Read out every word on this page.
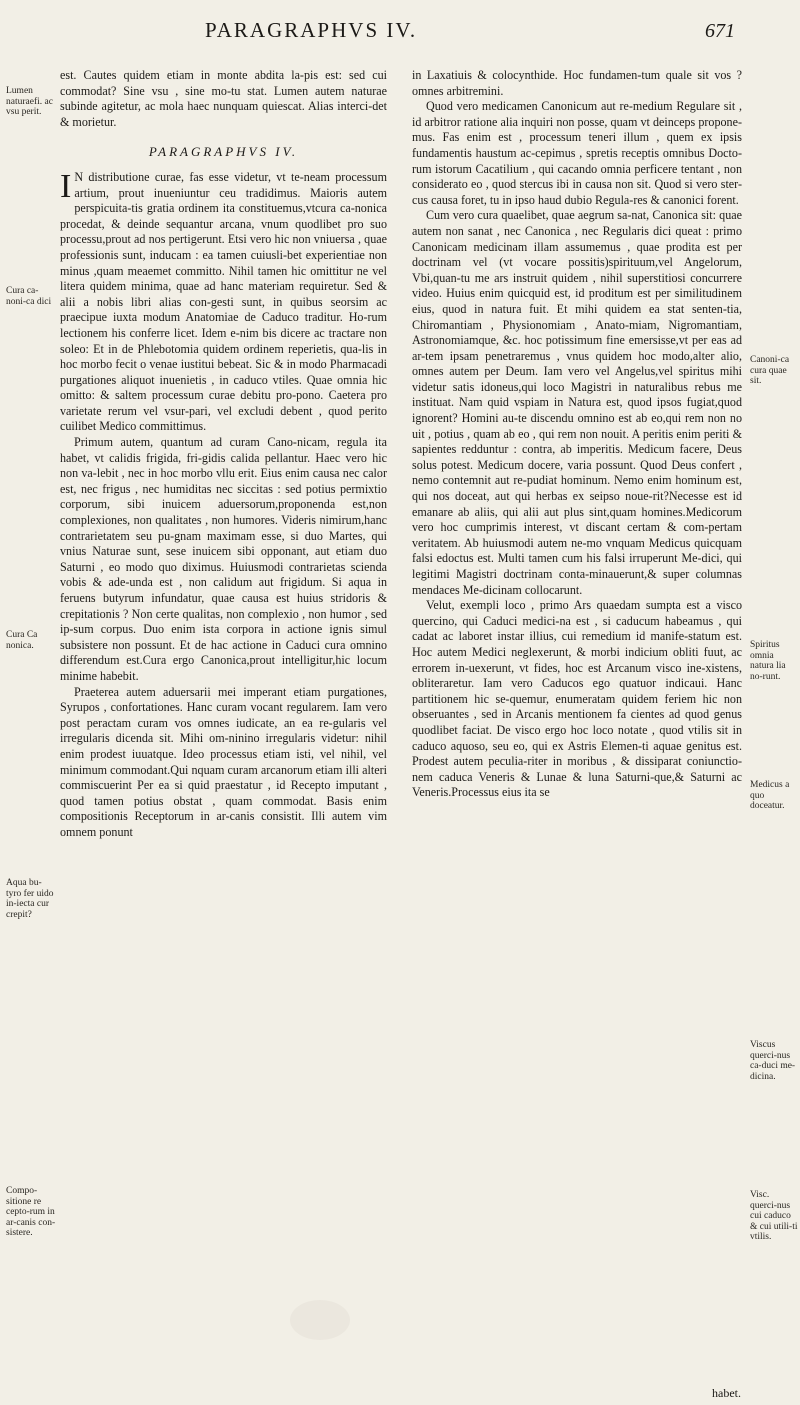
PARAGRAPHVS IV.	671
Lumen naturaefi. ac vsu perit.
Cura ca-noni-ca dici
Cura Ca nonica.
Aqua bu-tyro fer uido in-iecta cur crepit?
Compo-sitione re cepto-rum in ar-canis con-sistere.
Canoni-ca cura quae sit.
Spiritus omnia natura lia no-runt.
Medicus a quo doceatur.
Viscus querci-nus ca-duci me-dicina.
Visc. querci-nus cui caduco & cui utili-ti vtilis.

est. Cautes quidem etiam in monte abdita la-pis est: sed cui commodat? Sine vsu , sine mo-tu stat. Lumen autem naturae subinde agitetur, ac mola haec nunquam quiescat. Alias interci-det & morietur.

PARAGRAPHVS IV.

I N distributione curae, fas esse videtur, vt te-neam processum artium, prout inueniuntur ceu tradidimus. Maioris autem perspicuita-tis gratia ordinem ita constituemus,vtcura ca-nonica procedat, & deinde sequantur arcana, vnum quodlibet pro suo processu,prout ad nos pertigerunt. Etsi vero hic non vniuersa , quae professionis sunt, inducam : ea tamen cuiusli-bet experientiae non minus ,quam meaemet committo. Nihil tamen hic omittitur ne vel litera quidem minima, quae ad hanc materiam requiretur. Sed & alii a nobis libri alias con-gesti sunt, in quibus seorsim ac praecipue iuxta modum Anatomiae de Caduco traditur. Ho-rum lectionem his conferre licet. Idem e-nim bis dicere ac tractare non soleo: Et in de Phlebotomia quidem ordinem reperietis, qua-lis in hoc morbo fecit o venae iustitui bebeat. Sic & in modo Pharmacadi purgationes aliquot inuenietis , in caduco vtiles. Quae omnia hic omitto: & saltem processum curae debitu pro-pono. Caetera pro varietate rerum vel vsur-pari, vel excludi debent , quod perito cuilibet Medico committimus.

Primum autem, quantum ad curam Cano-nicam, regula ita habet, vt calidis frigida, fri-gidis calida pellantur. Haec vero hic non va-lebit , nec in hoc morbo vllu erit. Eius enim causa nec calor est, nec frigus , nec humiditas nec siccitas : sed potius permixtio corporum, sibi inuicem aduersorum,proponenda est,non complexiones, non qualitates , non humores. Videris nimirum,hanc contrarietatem seu pu-gnam maximam esse, si duo Martes, qui vnius Naturae sunt, sese inuicem sibi opponant, aut etiam duo Saturni , eo modo quo diximus. Huiusmodi contrarietas scienda vobis & ade-unda est , non calidum aut frigidum. Si aqua in feruens butyrum infundatur, quae causa est huius stridoris & crepitationis ? Non certe qualitas, non complexio , non humor , sed ip-sum corpus. Duo enim ista corpora in actione ignis simul subsistere non possunt. Et de hac actione in Caduci cura omnino differendum est.Cura ergo Canonica,prout intelligitur,hic locum minime habebit.

Praeterea autem aduersarii mei imperant etiam purgationes, Syrupos , confortationes. Hanc curam vocant regularem. Iam vero post peractam curam vos omnes iudicate, an ea re-gularis vel irregularis dicenda sit. Mihi om-ninino irregularis videtur: nihil enim prodest iuuatque. Ideo processus etiam isti, vel nihil, vel minimum commodant.Qui nquam curam arcanorum etiam illi alteri commiscuerint Per ea si quid praestatur , id Recepto imputant , quod tamen potius obstat , quam commodat. Basis enim compositionis Receptorum in ar-canis consistit. Illi autem vim omnem ponunt

in Laxatiuis & colocynthide. Hoc fundamen-tum quale sit vos ? omnes arbitremini.

Quod vero medicamen Canonicum aut re-medium Regulare sit , id arbitror ratione alia inquiri non posse, quam vt deinceps propone-mus. Fas enim est , processum teneri illum , quem ex ipsis fundamentis haustum ac-cepimus , spretis receptis omnibus Docto-rum istorum Cacatilium , qui cacando omnia perficere tentant , non considerato eo , quod stercus ibi in causa non sit. Quod si vero ster-cus causa foret, tu in ipso haud dubio Regula-res & canonici forent.

Cum vero cura quaelibet, quae aegrum sa-nat, Canonica sit: quae autem non sanat , nec Canonica , nec Regularis dici queat : primo Canonicam medicinam illam assumemus , quae prodita est per doctrinam vel (vt vocare possitis)spirituum,vel Angelorum, Vbi,quan-tu me ars instruit quidem , nihil superstitiosi concurrere video. Huius enim quicquid est, id proditum est per similitudinem eius, quod in natura fuit. Et mihi quidem ea stat senten-tia, Chiromantiam , Physionomiam , Anato-miam, Nigromantiam, Astronomiamque, &c. hoc potissimum fine emersisse,vt per eas ad ar-tem ipsam penetraremus , vnus quidem hoc modo,alter alio, omnes autem per Deum. Iam vero vel Angelus,vel spiritus mihi videtur satis idoneus,qui loco Magistri in naturalibus rebus me instituat. Nam quid vspiam in Natura est, quod ipsos fugiat,quod ignorent? Homini au-te discendu omnino est ab eo,qui rem non no uit , potius , quam ab eo , qui rem non nouit. A peritis enim periti & sapientes redduntur : contra, ab imperitis. Medicum facere, Deus solus potest. Medicum docere, varia possunt. Quod Deus confert , nemo contemnit aut re-pudiat hominum. Nemo enim hominum est, qui nos doceat, aut qui herbas ex seipso noue-rit?Necesse est id emanare ab aliis, qui alii aut plus sint,quam homines.Medicorum vero hoc cumprimis interest, vt discant certam & com-pertam veritatem. Ab huiusmodi autem ne-mo vnquam Medicus quicquam falsi edoctus est. Multi tamen cum his falsi irruperunt Me-dici, qui legitimi Magistri doctrinam conta-minauerunt,& super columnas mendaces Me-dicinam collocarunt.

Velut, exempli loco , primo Ars quaedam sumpta est a visco quercino, qui Caduci medici-na est , si caducum habeamus , qui cadat ac laboret instar illius, cui remedium id manife-statum est. Hoc autem Medici neglexerunt, & morbi indicium obliti fuut, ac errorem in-uexerunt, vt fides, hoc est Arcanum visco ine-xistens, obliteraretur. Iam vero Caducos ego quatuor indicaui. Hanc partitionem hic se-quemur, enumeratam quidem feriem hic non obseruantes , sed in Arcanis mentionem fa cientes ad quod genus quodlibet faciat. De visco ergo hoc loco notate , quod vtilis sit in caduco aquoso, seu eo, qui ex Astris Elemen-ti aquae genitus est. Prodest autem peculia-riter in moribus , & dissiparat coniunctio-nem caduca Veneris & Lunae & luna Saturni-que,& Saturni ac Veneris.Processus eius ita se

habet.
